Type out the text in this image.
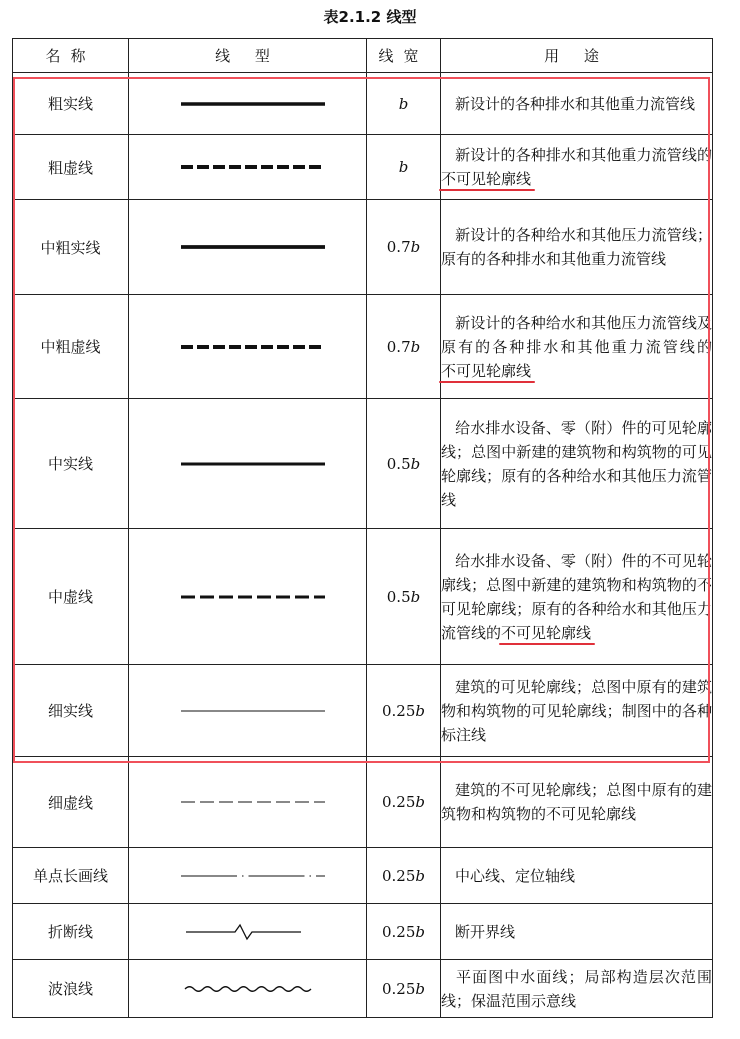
表2.1.2 线型
名称	线 型	线宽	用 途
粗实线		b	新设计的各种排水和其他重力流管线
粗虚线		b	新设计的各种排水和其他重力流管线的不可见轮廓线
中粗实线		0.7b	新设计的各种给水和其他压力流管线；原有的各种排水和其他重力流管线
中粗虚线		0.7b	新设计的各种给水和其他压力流管线及原有的各种排水和其他重力流管线的不可见轮廓线
中实线		0.5b	给水排水设备、零（附）件的可见轮廓线；总图中新建的建筑物和构筑物的可见轮廓线；原有的各种给水和其他压力流管线
中虚线		0.5b	给水排水设备、零（附）件的不可见轮廓线；总图中新建的建筑物和构筑物的不可见轮廓线；原有的各种给水和其他压力流管线的不可见轮廓线
细实线		0.25b	建筑的可见轮廓线；总图中原有的建筑物和构筑物的可见轮廓线；制图中的各种标注线
细虚线		0.25b	建筑的不可见轮廓线；总图中原有的建筑物和构筑物的不可见轮廓线
单点长画线		0.25b	中心线、定位轴线
折断线		0.25b	断开界线
波浪线		0.25b	平面图中水面线；局部构造层次范围线；保温范围示意线
